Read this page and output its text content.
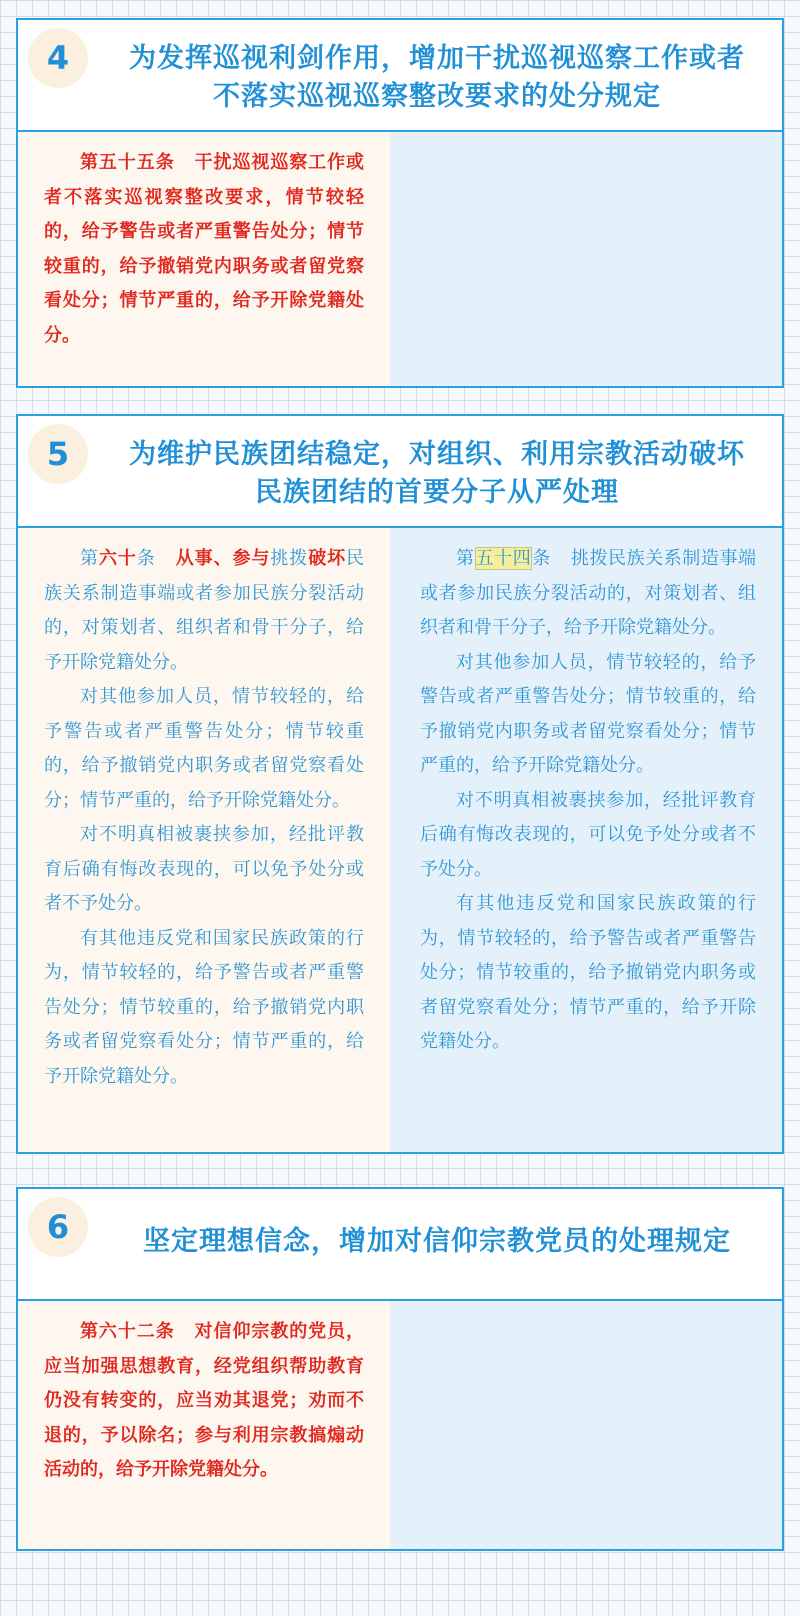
4	为发挥巡视利剑作用，增加干扰巡视巡察工作或者
不落实巡视巡察整改要求的处分规定

第五十五条 干扰巡视巡察工作或者不落实巡视察整改要求，情节较轻的，给予警告或者严重警告处分；情节较重的，给予撤销党内职务或者留党察看处分；情节严重的，给予开除党籍处分。

5	为维护民族团结稳定，对组织、利用宗教活动破坏
民族团结的首要分子从严处理

第六十条 从事、参与挑拨破坏民族关系制造事端或者参加民族分裂活动的，对策划者、组织者和骨干分子，给予开除党籍处分。

对其他参加人员，情节较轻的，给予警告或者严重警告处分；情节较重的，给予撤销党内职务或者留党察看处分；情节严重的，给予开除党籍处分。

对不明真相被裹挟参加，经批评教育后确有悔改表现的，可以免予处分或者不予处分。

有其他违反党和国家民族政策的行为，情节较轻的，给予警告或者严重警告处分；情节较重的，给予撤销党内职务或者留党察看处分；情节严重的，给予开除党籍处分。

第五十四条 挑拨民族关系制造事端或者参加民族分裂活动的，对策划者、组织者和骨干分子，给予开除党籍处分。

对其他参加人员，情节较轻的，给予警告或者严重警告处分；情节较重的，给予撤销党内职务或者留党察看处分；情节严重的，给予开除党籍处分。

对不明真相被裹挟参加，经批评教育后确有悔改表现的，可以免予处分或者不予处分。

有其他违反党和国家民族政策的行为，情节较轻的，给予警告或者严重警告处分；情节较重的，给予撤销党内职务或者留党察看处分；情节严重的，给予开除党籍处分。

6	坚定理想信念，增加对信仰宗教党员的处理规定

第六十二条 对信仰宗教的党员，应当加强思想教育，经党组织帮助教育仍没有转变的，应当劝其退党；劝而不退的，予以除名；参与利用宗教搞煽动活动的，给予开除党籍处分。
